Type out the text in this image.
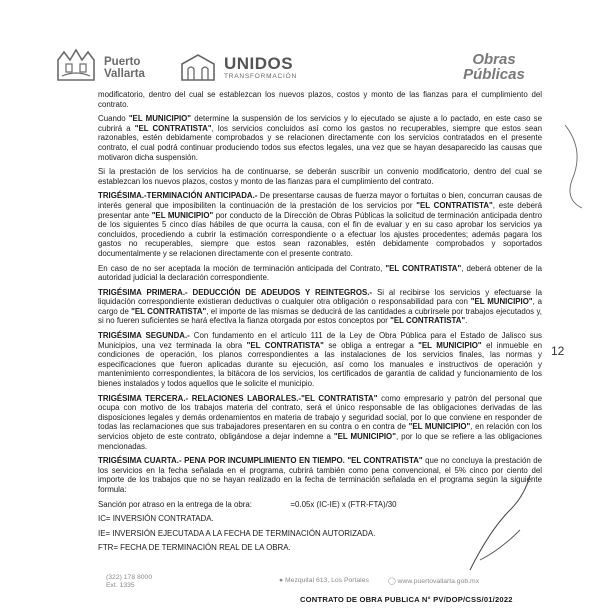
Puerto
Vallarta
UNIDOS
TRANSFORMACIÓN
Obras
Públicas

modificatorio, dentro del cual se establezcan los nuevos plazos, costos y monto de las fianzas para el cumplimiento del contrato.

Cuando "EL MUNICIPIO" determine la suspensión de los servicios y lo ejecutado se ajuste a lo pactado, en este caso se cubrirá a "EL CONTRATISTA", los servicios concluidos así como los gastos no recuperables, siempre que estos sean razonables, estén debidamente comprobados y se relacionen directamente con los servicios contratados en el presente contrato, el cual podrá continuar produciendo todos sus efectos legales, una vez que se hayan desaparecido las causas que motivaron dicha suspensión.

Si la prestación de los servicios ha de continuarse, se deberán suscribir un convenio modificatorio, dentro del cual se establezcan los nuevos plazos, costos y monto de las fianzas para el cumplimiento del contrato.

TRIGÉSIMA.-TERMINACIÓN ANTICIPADA.- De presentarse causas de fuerza mayor o fortuitas o bien, concurran causas de interés general que imposibiliten la continuación de la prestación de los servicios por "EL CONTRATISTA", este deberá presentar ante "EL MUNICIPIO" por conducto de la Dirección de Obras Públicas la solicitud de terminación anticipada dentro de los siguientes 5 cinco días hábiles de que ocurra la causa, con el fin de evaluar y en su caso aprobar los servicios ya concluidos, procediendo a cubrir la estimación correspondiente o a efectuar los ajustes procedentes; además pagara los gastos no recuperables, siempre que estos sean razonables, estén debidamente comprobados y soportados documentalmente y se relacionen directamente con el presente contrato.

En caso de no ser aceptada la moción de terminación anticipada del Contrato, "EL CONTRATISTA", deberá obtener de la autoridad judicial la declaración correspondiente.

TRIGÉSIMA PRIMERA.- DEDUCCIÓN DE ADEUDOS Y REINTEGROS.- Si al recibirse los servicios y efectuarse la liquidación correspondiente existieran deductivas o cualquier otra obligación o responsabilidad para con "EL MUNICIPIO", a cargo de "EL CONTRATISTA", el importe de las mismas se deducirá de las cantidades a cubrírsele por trabajos ejecutados y, si no fueren suficientes se hará efectiva la fianza otorgada por estos conceptos por "EL CONTRATISTA".

TRIGÉSIMA SEGUNDA.- Con fundamento en el artículo 111 de la Ley de Obra Pública para el Estado de Jalisco sus Municipios, una vez terminada la obra "EL CONTRATISTA" se obliga a entregar a "EL MUNICIPIO" el inmueble en condiciones de operación, los planos correspondientes a las instalaciones de los servicios finales, las normas y especificaciones que fueron aplicadas durante su ejecución, así como los manuales e instructivos de operación y mantenimiento correspondientes, la bitácora de los servicios, los certificados de garantía de calidad y funcionamiento de los bienes instalados y todos aquellos que le solicite el municipio.

TRIGÉSIMA TERCERA.- RELACIONES LABORALES.-"EL CONTRATISTA" como empresario y patrón del personal que ocupa con motivo de los trabajos materia del contrato, será el único responsable de las obligaciones derivadas de las disposiciones legales y demás ordenamientos en materia de trabajo y seguridad social, por lo que conviene en responder de todas las reclamaciones que sus trabajadores presentaren en su contra o en contra de "EL MUNICIPIO", en relación con los servicios objeto de este contrato, obligándose a dejar indemne a "EL MUNICIPIO", por lo que se refiere a las obligaciones mencionadas.

TRIGÉSIMA CUARTA.- PENA POR INCUMPLIMIENTO EN TIEMPO. "EL CONTRATISTA" que no concluya la prestación de los servicios en la fecha señalada en el programa, cubrirá también como pena convencional, el 5% cinco por ciento del importe de los trabajos que no se hayan realizado en la fecha de terminación señalada en el programa según la siguiente formula:

Sanción por atraso en la entrega de la obra:	=0.05x (IC-IE) x (FTR-FTA)/30

IC= INVERSIÓN CONTRATADA.

IE= INVERSIÓN EJECUTADA A LA FECHA DE TERMINACIÓN AUTORIZADA.

FTR= FECHA DE TERMINACIÓN REAL DE LA OBRA.

12
(322) 178 8000
Ext. 1335
● Mezquital 613, Los Portales	◯ www.puertovallarta.gob.mx
CONTRATO DE OBRA PUBLICA N° PV/DOP/CSS/01/2022
